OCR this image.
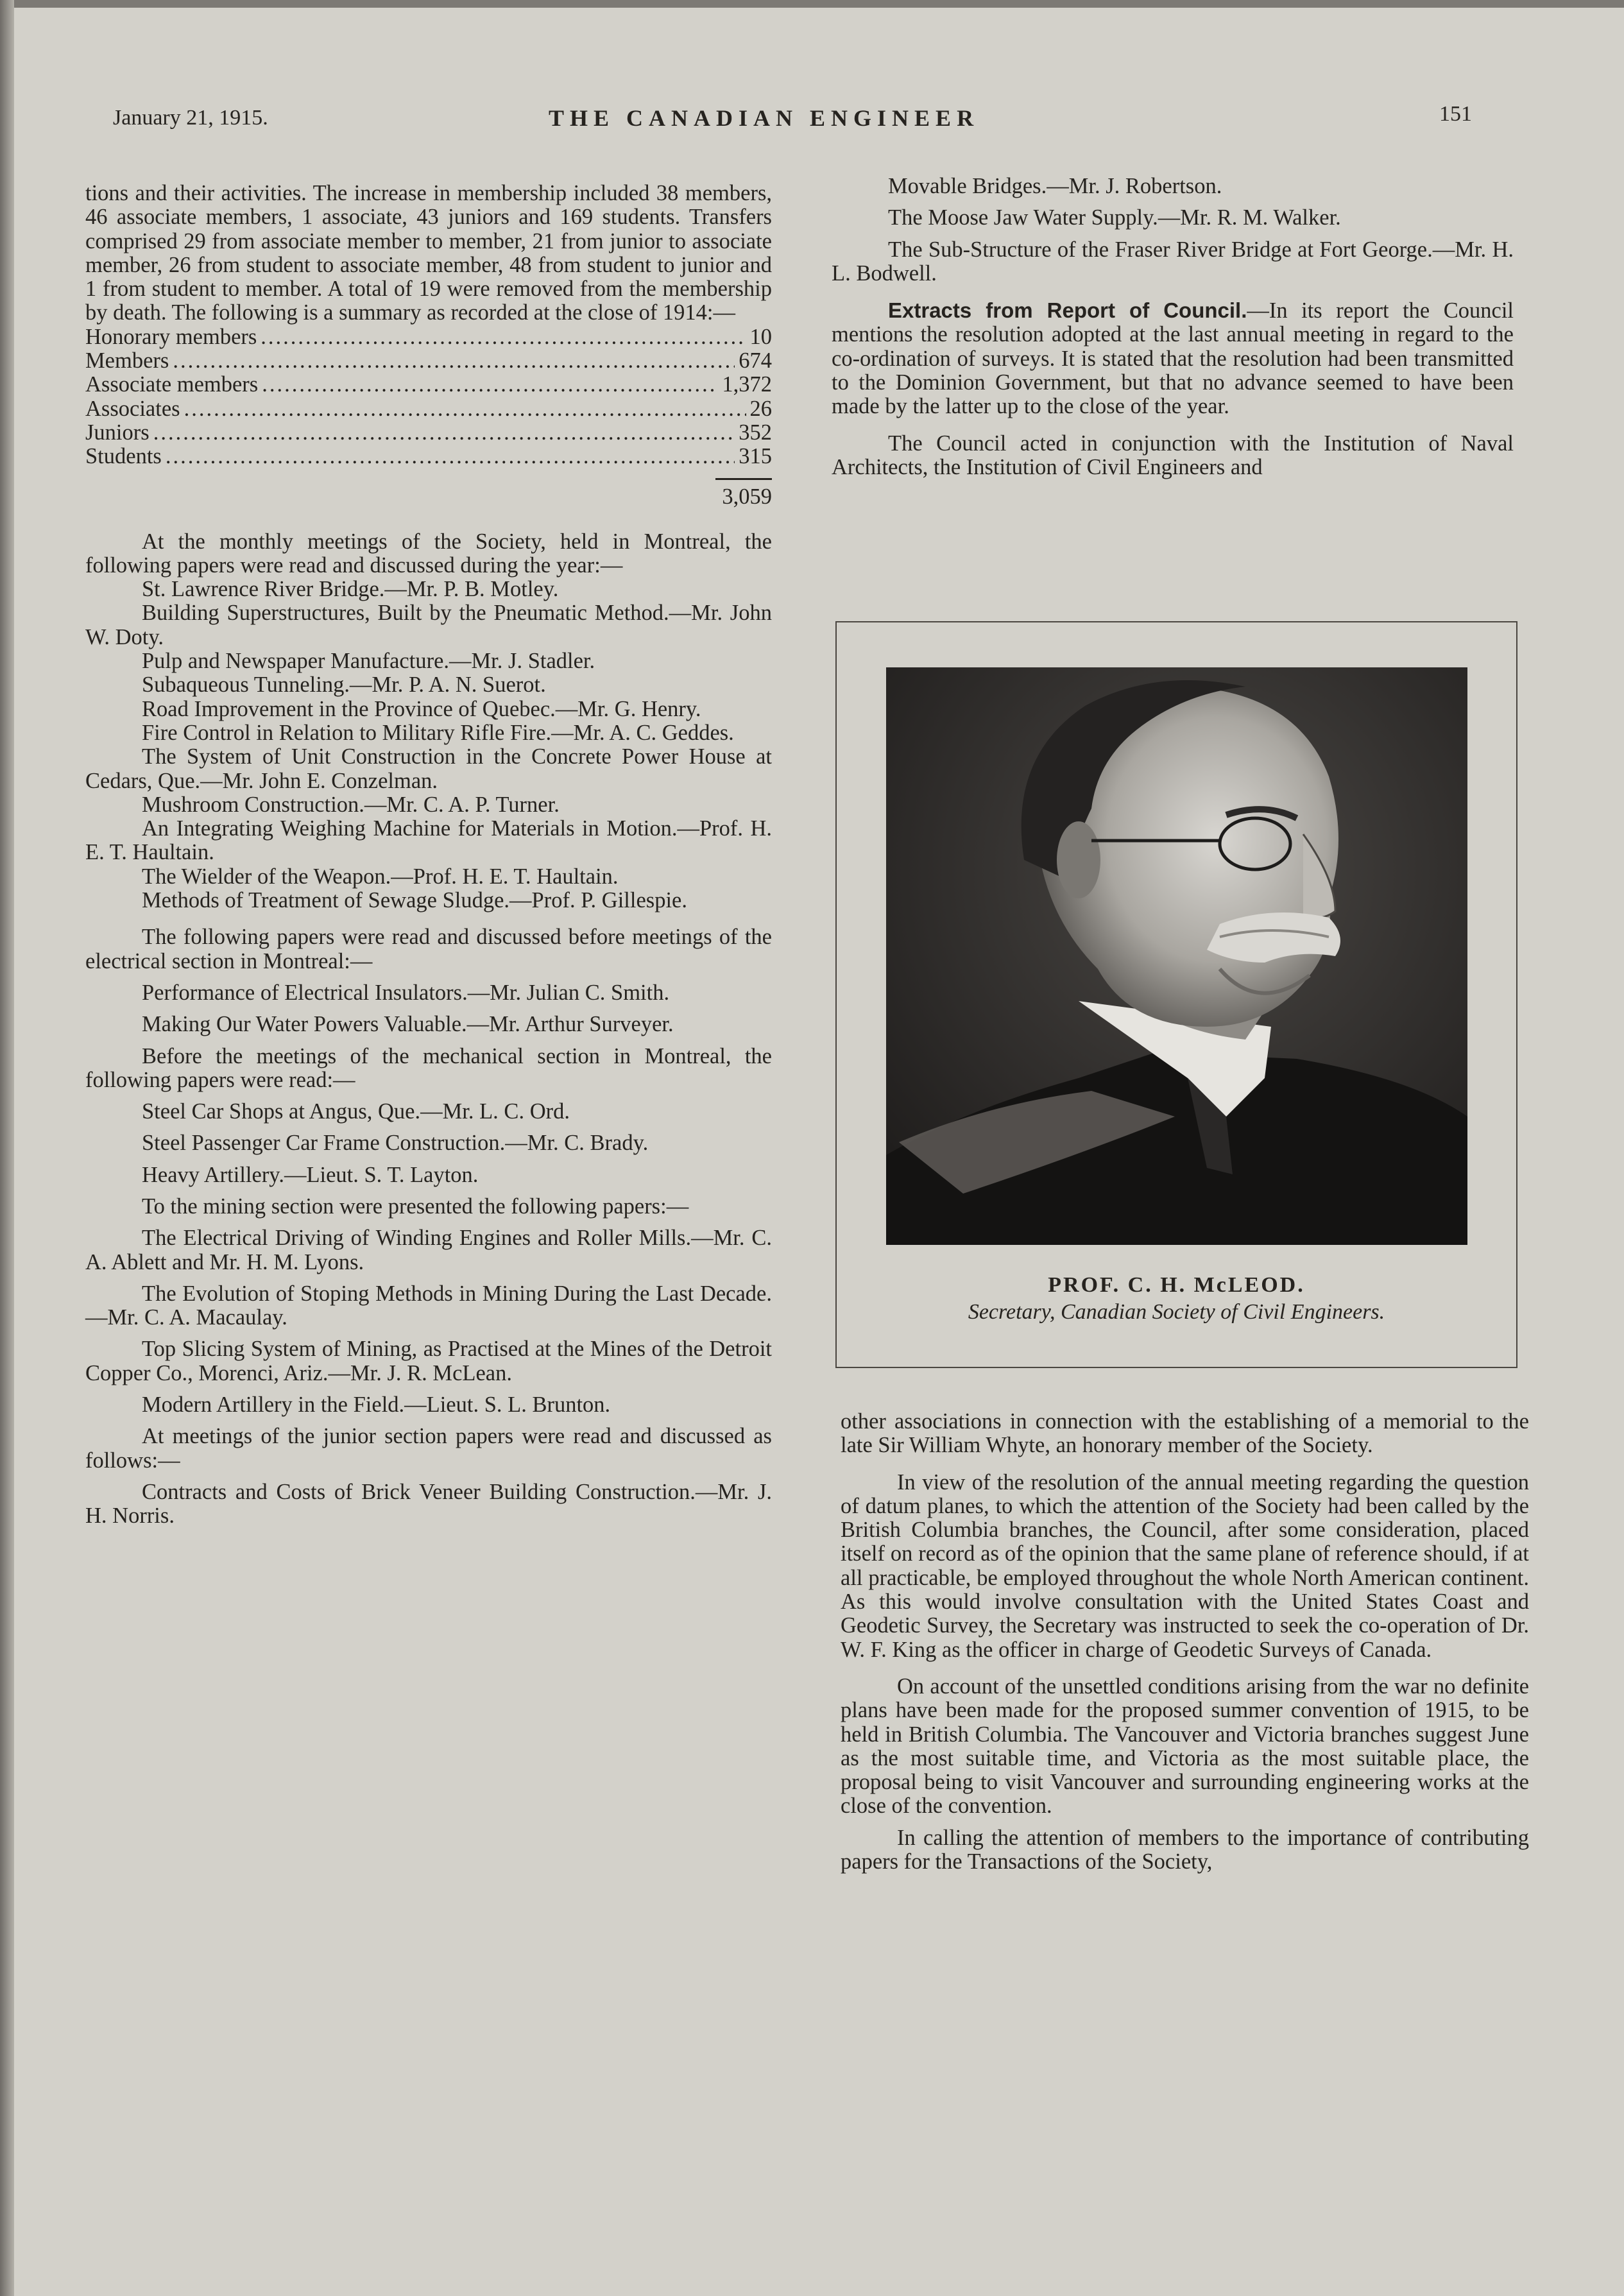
January 21, 1915.	THE CANADIAN ENGINEER	151

tions and their activities. The increase in membership included 38 members, 46 associate members, 1 associate, 43 juniors and 169 students. Transfers comprised 29 from associate member to member, 21 from junior to associate member, 26 from student to associate member, 48 from student to junior and 1 from student to member. A total of 19 were removed from the membership by death. The following is a summary as recorded at the close of 1914:—

Honorary members .....	10
Members .....	674
Associate members .....	1,372
Associates .....	26
Juniors .....	352
Students .....	315
3,059

At the monthly meetings of the Society, held in Montreal, the following papers were read and discussed during the year:—

St. Lawrence River Bridge.—Mr. P. B. Motley.

Building Superstructures, Built by the Pneumatic Method.—Mr. John W. Doty.

Pulp and Newspaper Manufacture.—Mr. J. Stadler.

Subaqueous Tunneling.—Mr. P. A. N. Suerot.

Road Improvement in the Province of Quebec.—Mr. G. Henry.

Fire Control in Relation to Military Rifle Fire.—Mr. A. C. Geddes.

The System of Unit Construction in the Concrete Power House at Cedars, Que.—Mr. John E. Conzelman.

Mushroom Construction.—Mr. C. A. P. Turner.

An Integrating Weighing Machine for Materials in Motion.—Prof. H. E. T. Haultain.

The Wielder of the Weapon.—Prof. H. E. T. Haultain.

Methods of Treatment of Sewage Sludge.—Prof. P. Gillespie.

The following papers were read and discussed before meetings of the electrical section in Montreal:—

Performance of Electrical Insulators.—Mr. Julian C. Smith.

Making Our Water Powers Valuable.—Mr. Arthur Surveyer.

Before the meetings of the mechanical section in Montreal, the following papers were read:—

Steel Car Shops at Angus, Que.—Mr. L. C. Ord.

Steel Passenger Car Frame Construction.—Mr. C. Brady.

Heavy Artillery.—Lieut. S. T. Layton.

To the mining section were presented the following papers:—

The Electrical Driving of Winding Engines and Roller Mills.—Mr. C. A. Ablett and Mr. H. M. Lyons.

The Evolution of Stoping Methods in Mining During the Last Decade.—Mr. C. A. Macaulay.

Top Slicing System of Mining, as Practised at the Mines of the Detroit Copper Co., Morenci, Ariz.—Mr. J. R. McLean.

Modern Artillery in the Field.—Lieut. S. L. Brunton.

At meetings of the junior section papers were read and discussed as follows:—

Contracts and Costs of Brick Veneer Building Construction.—Mr. J. H. Norris.

Movable Bridges.—Mr. J. Robertson.

The Moose Jaw Water Supply.—Mr. R. M. Walker.

The Sub-Structure of the Fraser River Bridge at Fort George.—Mr. H. L. Bodwell.

Extracts from Report of Council.—In its report the Council mentions the resolution adopted at the last annual meeting in regard to the co-ordination of surveys. It is stated that the resolution had been transmitted to the Dominion Government, but that no advance seemed to have been made by the latter up to the close of the year.

The Council acted in conjunction with the Institution of Naval Architects, the Institution of Civil Engineers and

PROF. C. H. McLEOD.
Secretary, Canadian Society of Civil Engineers.

other associations in connection with the establishing of a memorial to the late Sir William Whyte, an honorary member of the Society.

In view of the resolution of the annual meeting regarding the question of datum planes, to which the attention of the Society had been called by the British Columbia branches, the Council, after some consideration, placed itself on record as of the opinion that the same plane of reference should, if at all practicable, be employed throughout the whole North American continent. As this would involve consultation with the United States Coast and Geodetic Survey, the Secretary was instructed to seek the co-operation of Dr. W. F. King as the officer in charge of Geodetic Surveys of Canada.

On account of the unsettled conditions arising from the war no definite plans have been made for the proposed summer convention of 1915, to be held in British Columbia. The Vancouver and Victoria branches suggest June as the most suitable time, and Victoria as the most suitable place, the proposal being to visit Vancouver and surrounding engineering works at the close of the convention.

In calling the attention of members to the importance of contributing papers for the Transactions of the Society,
